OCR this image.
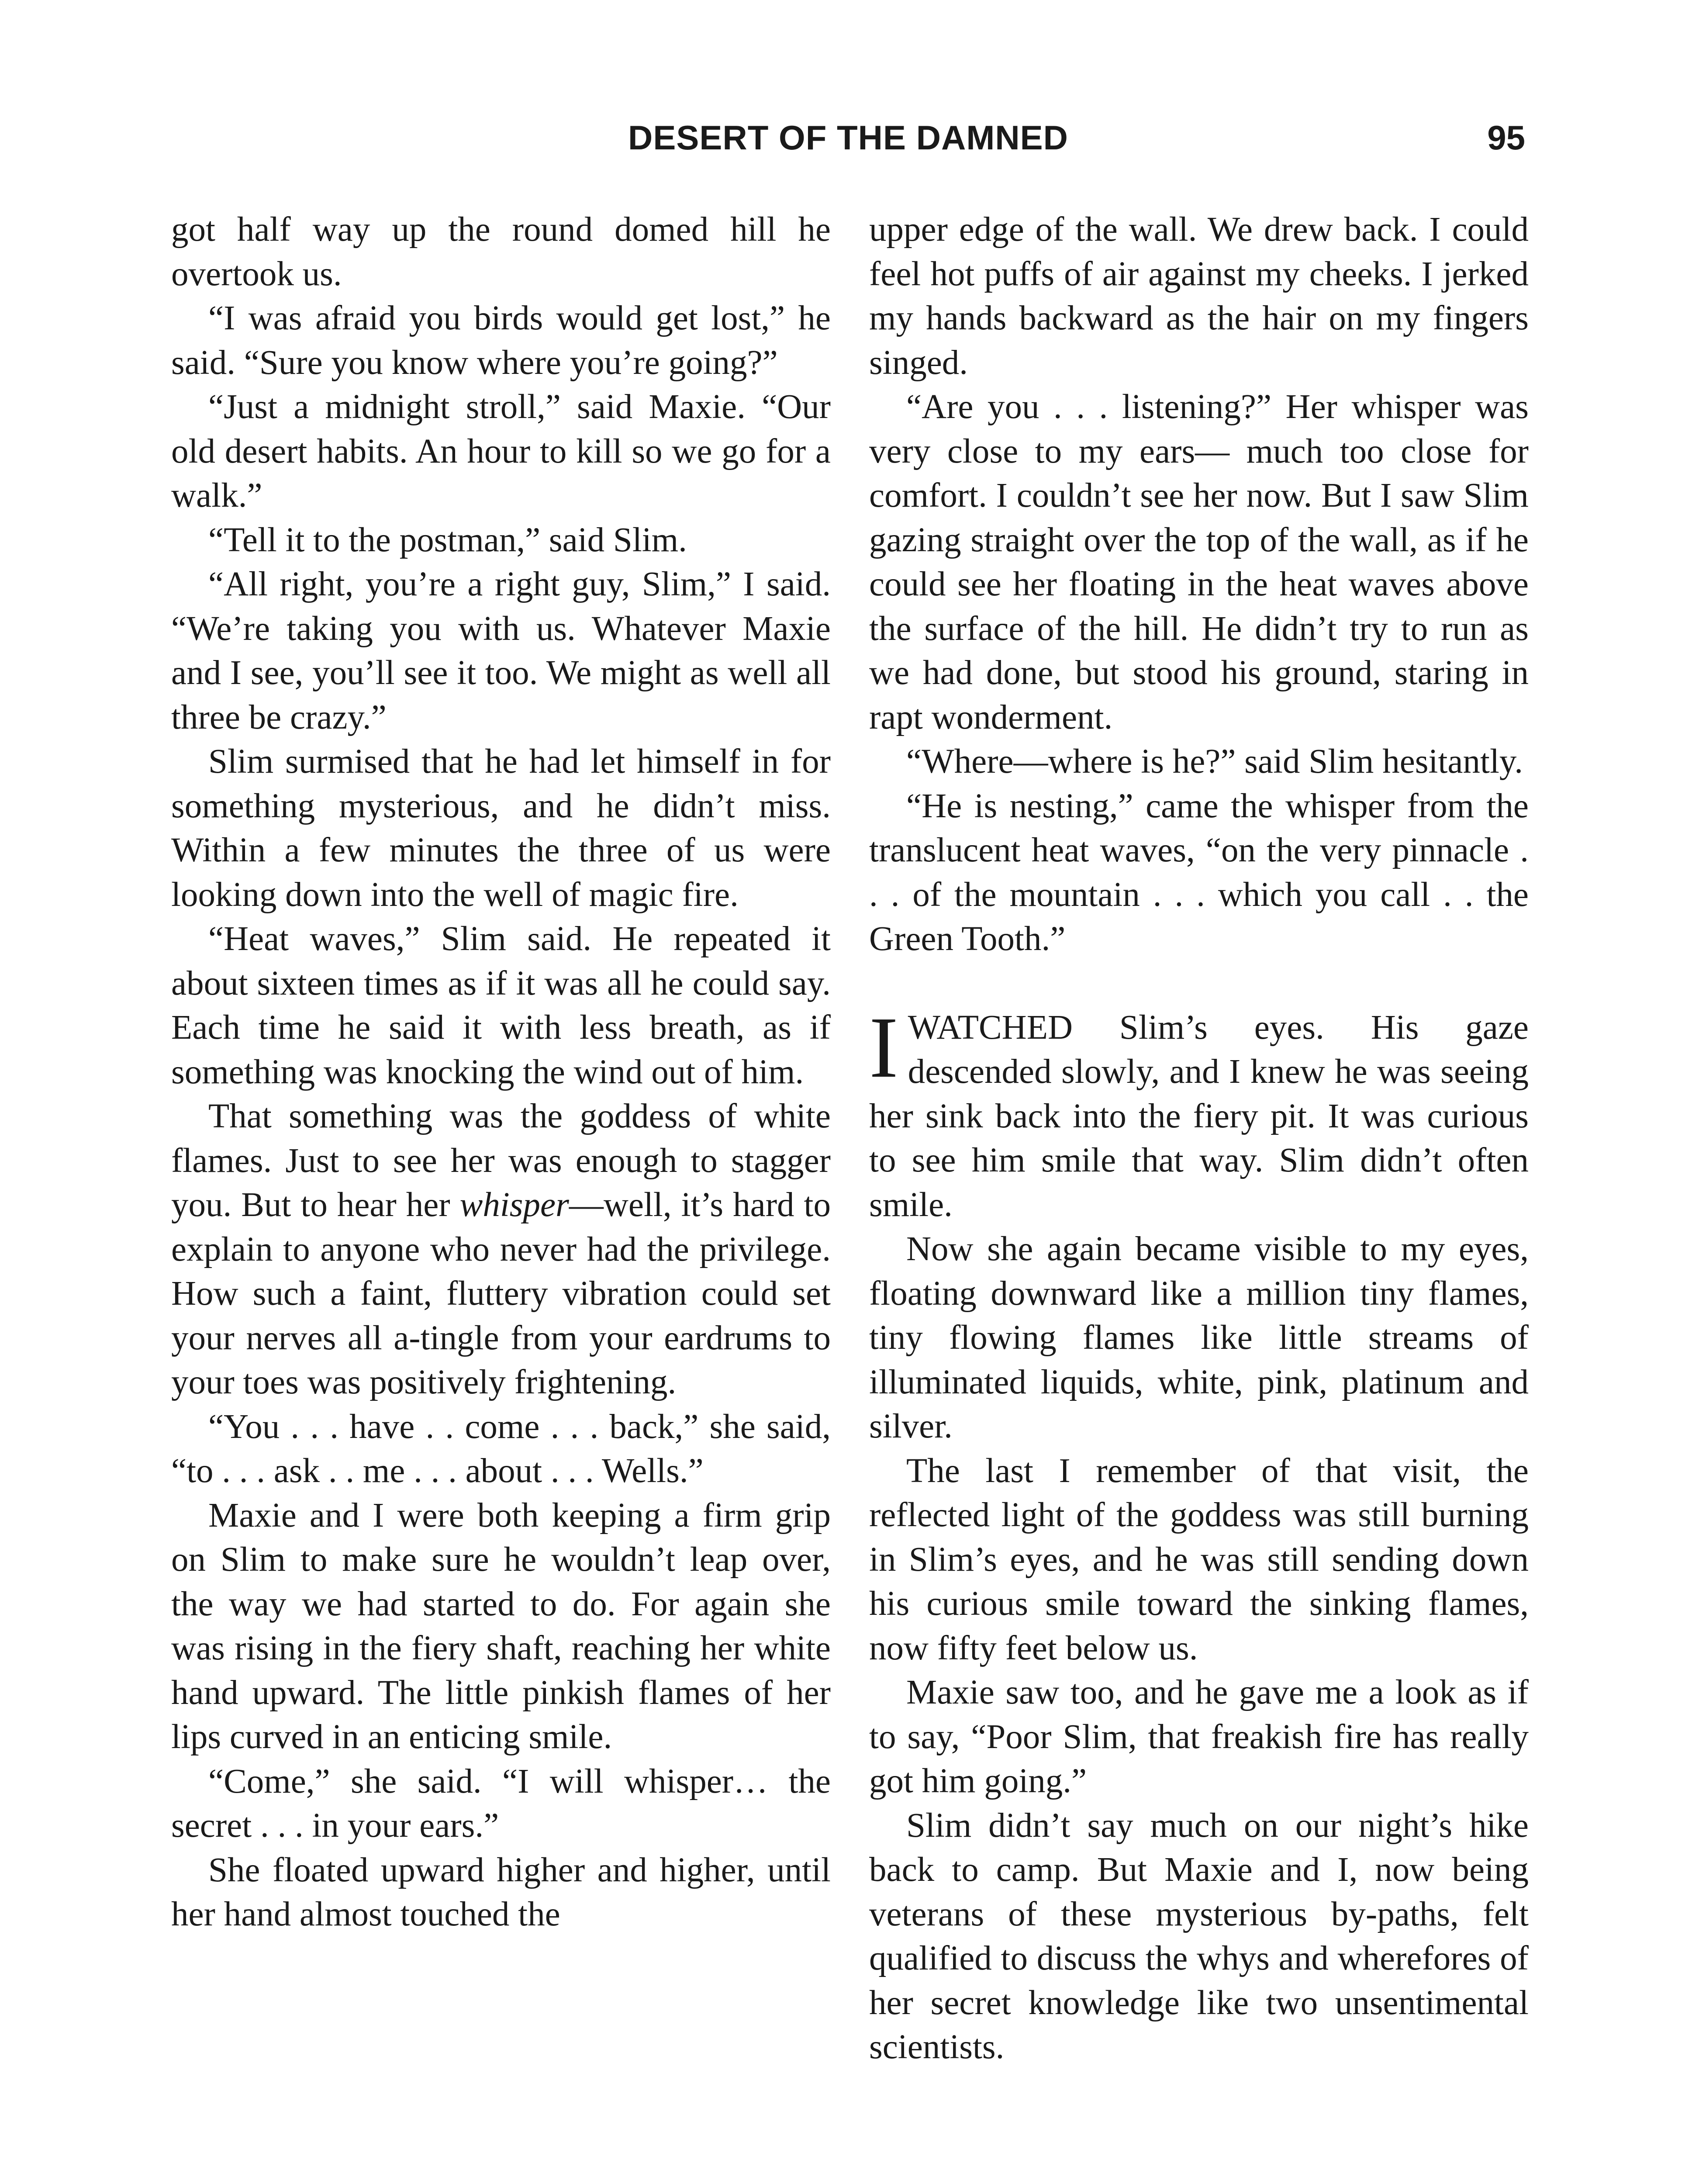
DESERT OF THE DAMNED	95

got half way up the round domed hill he overtook us.

“I was afraid you birds would get lost,” he said. “Sure you know where you’re going?”

“Just a midnight stroll,” said Maxie. “Our old desert habits. An hour to kill so we go for a walk.”

“Tell it to the postman,” said Slim.

“All right, you’re a right guy, Slim,” I said. “We’re taking you with us. Whatever Maxie and I see, you’ll see it too. We might as well all three be crazy.”

Slim surmised that he had let himself in for something mysterious, and he didn’t miss. Within a few minutes the three of us were looking down into the well of magic fire.

“Heat waves,” Slim said. He repeated it about sixteen times as if it was all he could say. Each time he said it with less breath, as if something was knocking the wind out of him.

That something was the goddess of white flames. Just to see her was enough to stagger you. But to hear her whisper—well, it’s hard to explain to anyone who never had the privilege. How such a faint, fluttery vibration could set your nerves all a-tingle from your eardrums to your toes was positively frightening.

“You . . . have . . come . . . back,” she said, “to . . . ask . . me . . . about . . . Wells.”

Maxie and I were both keeping a firm grip on Slim to make sure he wouldn’t leap over, the way we had started to do. For again she was rising in the fiery shaft, reaching her white hand upward. The little pinkish flames of her lips curved in an enticing smile.

“Come,” she said. “I will whisper… the secret . . . in your ears.”

She floated upward higher and higher, until her hand almost touched the

upper edge of the wall. We drew back. I could feel hot puffs of air against my cheeks. I jerked my hands backward as the hair on my fingers singed.

“Are you . . . listening?” Her whisper was very close to my ears— much too close for comfort. I couldn’t see her now. But I saw Slim gazing straight over the top of the wall, as if he could see her floating in the heat waves above the surface of the hill. He didn’t try to run as we had done, but stood his ground, staring in rapt wonderment.

“Where—where is he?” said Slim hesitantly.

“He is nesting,” came the whisper from the translucent heat waves, “on the very pinnacle . . . of the mountain . . . which you call . . the Green Tooth.”

I WATCHED Slim’s eyes. His gaze descended slowly, and I knew he was seeing her sink back into the fiery pit. It was curious to see him smile that way. Slim didn’t often smile.

Now she again became visible to my eyes, floating downward like a million tiny flames, tiny flowing flames like little streams of illuminated liquids, white, pink, platinum and silver.

The last I remember of that visit, the reflected light of the goddess was still burning in Slim’s eyes, and he was still sending down his curious smile toward the sinking flames, now fifty feet below us.

Maxie saw too, and he gave me a look as if to say, “Poor Slim, that freakish fire has really got him going.”

Slim didn’t say much on our night’s hike back to camp. But Maxie and I, now being veterans of these mysterious by-paths, felt qualified to discuss the whys and wherefores of her secret knowledge like two unsentimental scientists.
